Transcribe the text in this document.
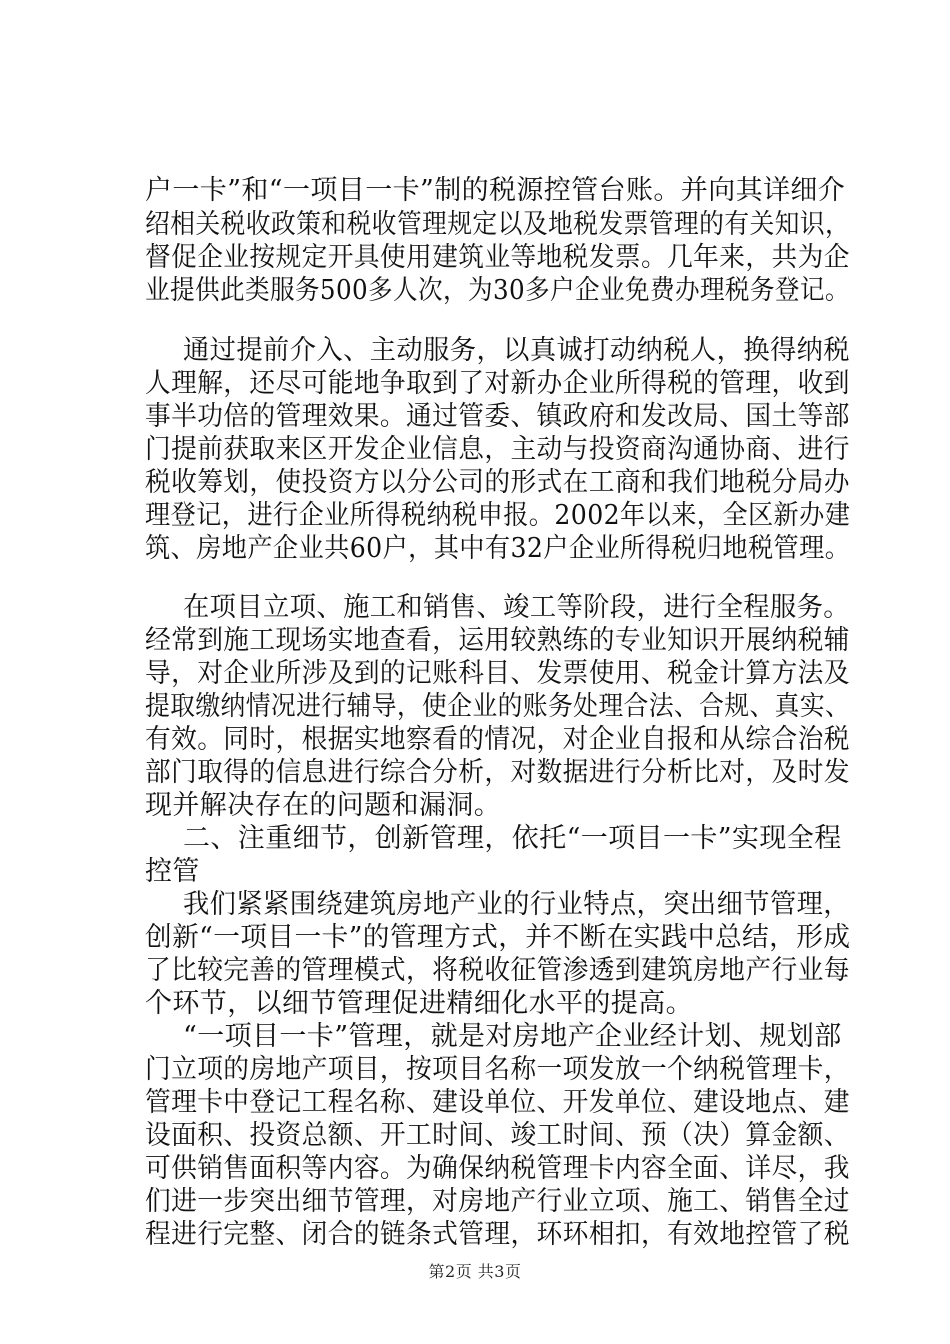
户一卡”和“一项目一卡”制的税源控管台账。并向其详细介
绍相关税收政策和税收管理规定以及地税发票管理的有关知识，
督促企业按规定开具使用建筑业等地税发票。几年来，共为企
业提供此类服务500多人次，为30多户企业免费办理税务登记。
通过提前介入、主动服务，以真诚打动纳税人，换得纳税
人理解，还尽可能地争取到了对新办企业所得税的管理，收到
事半功倍的管理效果。通过管委、镇政府和发改局、国土等部
门提前获取来区开发企业信息，主动与投资商沟通协商、进行
税收筹划，使投资方以分公司的形式在工商和我们地税分局办
理登记，进行企业所得税纳税申报。2002年以来，全区新办建
筑、房地产企业共60户，其中有32户企业所得税归地税管理。
在项目立项、施工和销售、竣工等阶段，进行全程服务。
经常到施工现场实地查看，运用较熟练的专业知识开展纳税辅
导，对企业所涉及到的记账科目、发票使用、税金计算方法及
提取缴纳情况进行辅导，使企业的账务处理合法、合规、真实、
有效。同时，根据实地察看的情况，对企业自报和从综合治税
部门取得的信息进行综合分析，对数据进行分析比对，及时发
现并解决存在的问题和漏洞。
二、注重细节，创新管理，依托“一项目一卡”实现全程
控管
我们紧紧围绕建筑房地产业的行业特点，突出细节管理，
创新“一项目一卡”的管理方式，并不断在实践中总结，形成
了比较完善的管理模式，将税收征管渗透到建筑房地产行业每
个环节，以细节管理促进精细化水平的提高。
“一项目一卡”管理，就是对房地产企业经计划、规划部
门立项的房地产项目，按项目名称一项发放一个纳税管理卡，
管理卡中登记工程名称、建设单位、开发单位、建设地点、建
设面积、投资总额、开工时间、竣工时间、预（决）算金额、
可供销售面积等内容。为确保纳税管理卡内容全面、详尽，我
们进一步突出细节管理，对房地产行业立项、施工、销售全过
程进行完整、闭合的链条式管理，环环相扣，有效地控管了税
第2页 共3页
